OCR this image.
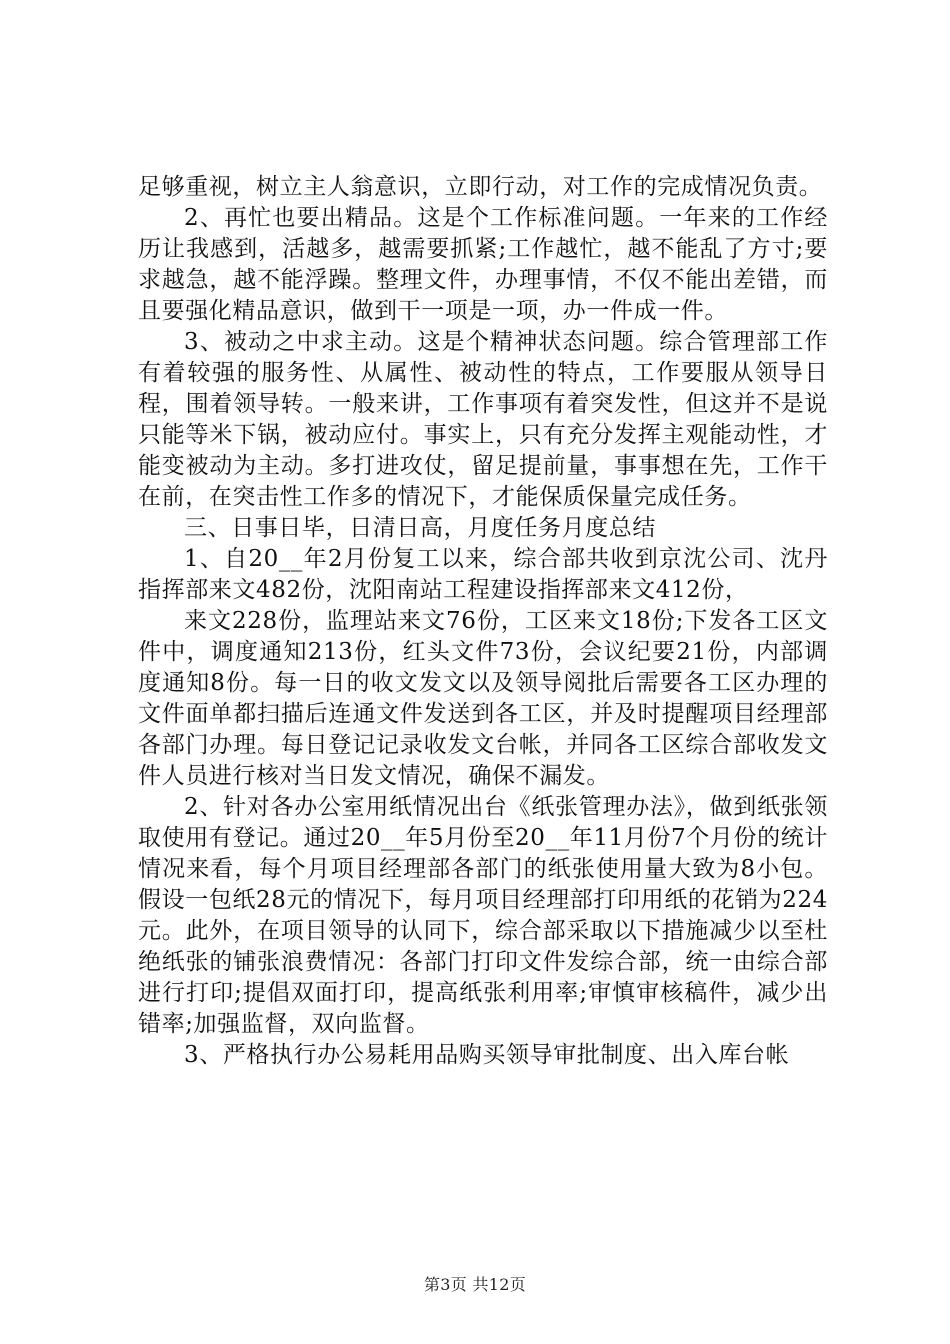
足够重视，树立主人翁意识，立即行动，对工作的完成情况负责。

2、再忙也要出精品。这是个工作标准问题。一年来的工作经历让我感到，活越多，越需要抓紧;工作越忙，越不能乱了方寸;要求越急，越不能浮躁。整理文件，办理事情，不仅不能出差错，而且要强化精品意识，做到干一项是一项，办一件成一件。

3、被动之中求主动。这是个精神状态问题。综合管理部工作有着较强的服务性、从属性、被动性的特点，工作要服从领导日程，围着领导转。一般来讲，工作事项有着突发性，但这并不是说只能等米下锅，被动应付。事实上，只有充分发挥主观能动性，才能变被动为主动。多打进攻仗，留足提前量，事事想在先，工作干在前，在突击性工作多的情况下，才能保质保量完成任务。

三、日事日毕，日清日高，月度任务月度总结

1、自20__年2月份复工以来，综合部共收到京沈公司、沈丹指挥部来文482份，沈阳南站工程建设指挥部来文412份，

来文228份，监理站来文76份，工区来文18份;下发各工区文件中，调度通知213份，红头文件73份，会议纪要21份，内部调度通知8份。每一日的收文发文以及领导阅批后需要各工区办理的文件面单都扫描后连通文件发送到各工区，并及时提醒项目经理部各部门办理。每日登记记录收发文台帐，并同各工区综合部收发文件人员进行核对当日发文情况，确保不漏发。

2、针对各办公室用纸情况出台《纸张管理办法》，做到纸张领取使用有登记。通过20__年5月份至20__年11月份7个月份的统计情况来看，每个月项目经理部各部门的纸张使用量大致为8小包。假设一包纸28元的情况下，每月项目经理部打印用纸的花销为224元。此外，在项目领导的认同下，综合部采取以下措施减少以至杜绝纸张的铺张浪费情况：各部门打印文件发综合部，统一由综合部进行打印;提倡双面打印，提高纸张利用率;审慎审核稿件，减少出错率;加强监督，双向监督。

3、严格执行办公易耗用品购买领导审批制度、出入库台帐

第3页 共12页
